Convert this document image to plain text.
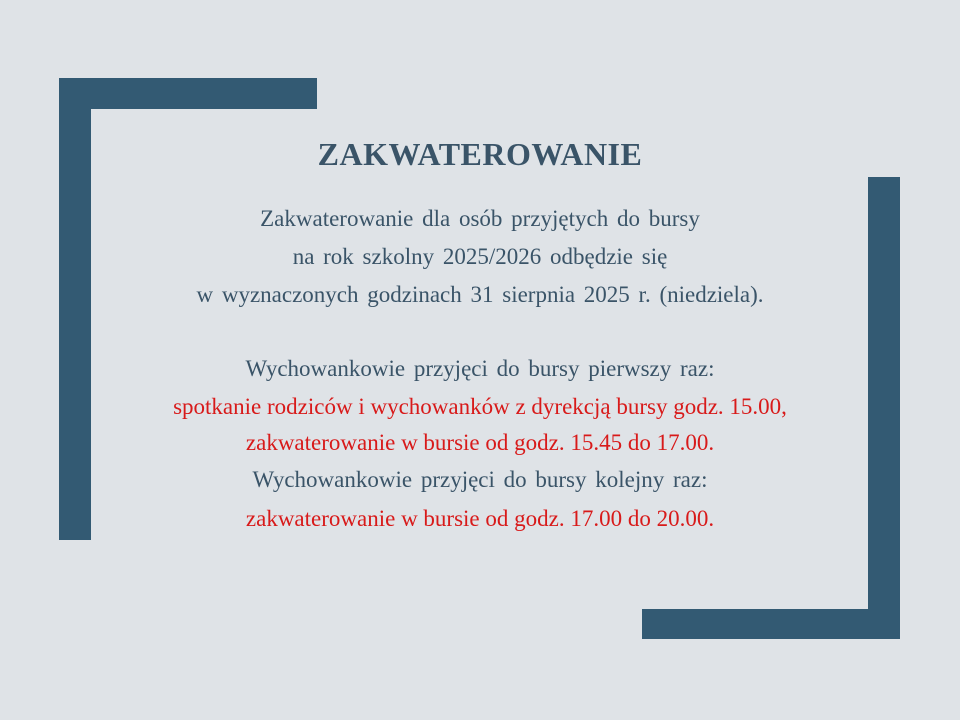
ZAKWATEROWANIE
Zakwaterowanie dla osób przyjętych do bursy
na rok szkolny 2025/2026 odbędzie się
w wyznaczonych godzinach 31 sierpnia 2025 r. (niedziela).
Wychowankowie przyjęci do bursy pierwszy raz:
spotkanie rodziców i wychowanków z dyrekcją bursy godz. 15.00,
zakwaterowanie w bursie od godz. 15.45 do 17.00.
Wychowankowie przyjęci do bursy kolejny raz:
zakwaterowanie w bursie od godz. 17.00 do 20.00.
